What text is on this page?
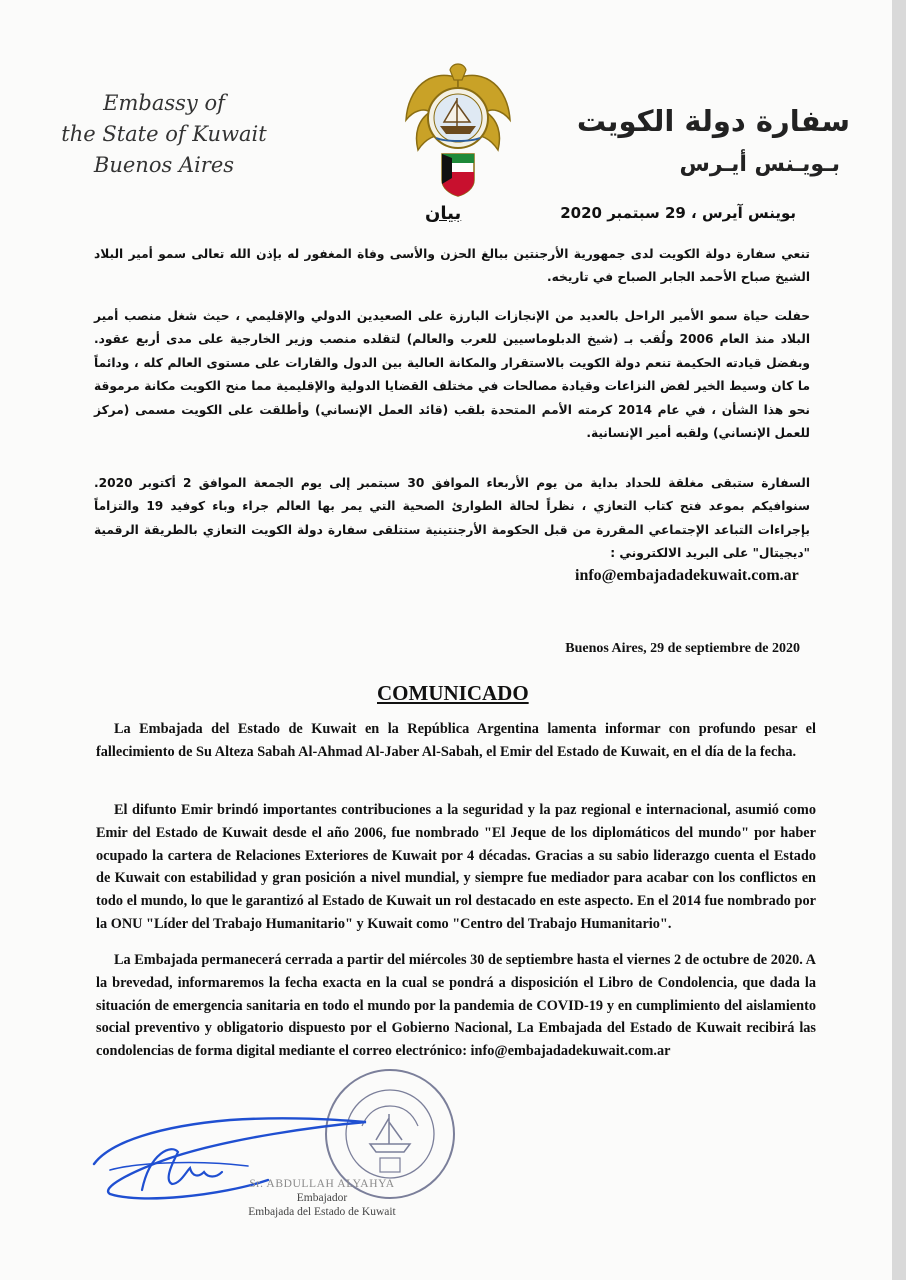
Embassy of
the State of Kuwait
Buenos Aires
سفارة دولة الكويت
بـويـنس أيـرس
بيان	بوينس آيرس ، 29 سبتمبر 2020
تنعي سفارة دولة الكويت لدى جمهورية الأرجنتين ببالغ الحزن والأسى وفاة المغفور له بإذن الله تعالى سمو أمير البلاد الشيخ صباح الأحمد الجابر الصباح في تاريخه.
حفلت حياة سمو الأمير الراحل بالعديد من الإنجازات البارزة على الصعيدين الدولي والإقليمي ، حيث شغل منصب أمير البلاد منذ العام 2006 ولُقب بـ (شيخ الدبلوماسيين للعرب والعالم) لتقلده منصب وزير الخارجية على مدى أربع عقود. وبفضل قيادته الحكيمة تنعم دولة الكويت بالاستقرار والمكانة العالية بين الدول والقارات على مستوى العالم كله ، ودائماً ما كان وسيط الخير لفض النزاعات وقيادة مصالحات في مختلف القضايا الدولية والإقليمية مما منح الكويت مكانة مرموقة نحو هذا الشأن ، في عام 2014 كرمته الأمم المتحدة بلقب (قائد العمل الإنساني) وأطلقت على الكويت مسمى (مركز للعمل الإنساني) ولقبه أمير الإنسانية.
السفارة ستبقى مغلقة للحداد بداية من يوم الأربعاء الموافق 30 سبتمبر إلى يوم الجمعة الموافق 2 أكتوبر 2020. سنوافيكم بموعد فتح كتاب التعازي ، نظراً لحالة الطوارئ الصحية التي يمر بها العالم جراء وباء كوفيد 19 والتزاماً بإجراءات التباعد الإجتماعي المقررة من قبل الحكومة الأرجنتينية ستتلقى سفارة دولة الكويت التعازي بالطريقة الرقمية "ديجيتال" على البريد الالكتروني :
info@embajadadekuwait.com.ar
Buenos Aires, 29 de septiembre de 2020
COMUNICADO
La Embajada del Estado de Kuwait en la República Argentina lamenta informar con profundo pesar el fallecimiento de Su Alteza Sabah Al-Ahmad Al-Jaber Al-Sabah, el Emir del Estado de Kuwait, en el día de la fecha.
El difunto Emir brindó importantes contribuciones a la seguridad y la paz regional e internacional, asumió como Emir del Estado de Kuwait desde el año 2006, fue nombrado "El Jeque de los diplomáticos del mundo" por haber ocupado la cartera de Relaciones Exteriores de Kuwait por 4 décadas. Gracias a su sabio liderazgo cuenta el Estado de Kuwait con estabilidad y gran posición a nivel mundial, y siempre fue mediador para acabar con los conflictos en todo el mundo, lo que le garantizó al Estado de Kuwait un rol destacado en este aspecto. En el 2014 fue nombrado por la ONU "Líder del Trabajo Humanitario" y Kuwait como "Centro del Trabajo Humanitario".
La Embajada permanecerá cerrada a partir del miércoles 30 de septiembre hasta el viernes 2 de octubre de 2020. A la brevedad, informaremos la fecha exacta en la cual se pondrá a disposición el Libro de Condolencia, que dada la situación de emergencia sanitaria en todo el mundo por la pandemia de COVID-19 y en cumplimiento del aislamiento social preventivo y obligatorio dispuesto por el Gobierno Nacional, La Embajada del Estado de Kuwait recibirá las condolencias de forma digital mediante el correo electrónico: info@embajadadekuwait.com.ar
Sr. ABDULLAH ALYAHYA
Embajador
Embajada del Estado de Kuwait
